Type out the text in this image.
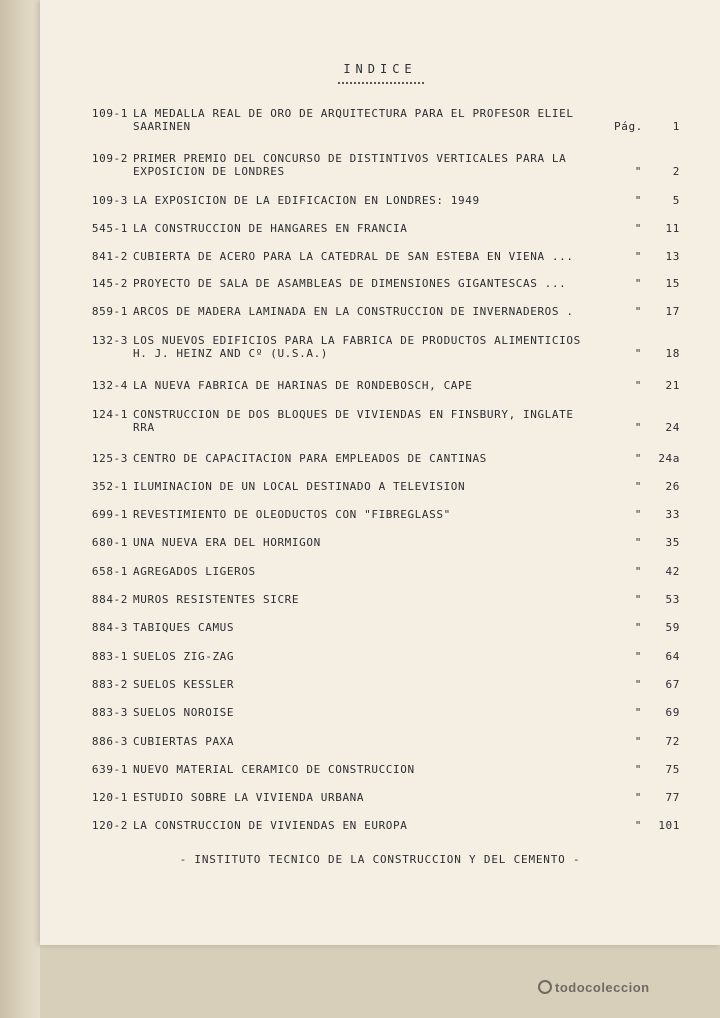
INDICE
109-1 LA MEDALLA REAL DE ORO DE ARQUITECTURA PARA EL PROFESOR ELIEL
SAARINEN	Pág.	1
109-2 PRIMER PREMIO DEL CONCURSO DE DISTINTIVOS VERTICALES PARA LA
EXPOSICION DE LONDRES	"	2
109-3 LA EXPOSICION DE LA EDIFICACION EN LONDRES: 1949	"	5
545-1 LA CONSTRUCCION DE HANGARES EN FRANCIA	" 11
841-2 CUBIERTA DE ACERO PARA LA CATEDRAL DE SAN ESTEBA EN VIENA ...	" 13
145-2 PROYECTO DE SALA DE ASAMBLEAS DE DIMENSIONES GIGANTESCAS ...	" 15
859-1 ARCOS DE MADERA LAMINADA EN LA CONSTRUCCION DE INVERNADEROS .	" 17
132-3 LOS NUEVOS EDIFICIOS PARA LA FABRICA DE PRODUCTOS ALIMENTICIOS
H. J. HEINZ AND Cº (U.S.A.)	" 18
132-4 LA NUEVA FABRICA DE HARINAS DE RONDEBOSCH, CAPE	" 21
124-1 CONSTRUCCION DE DOS BLOQUES DE VIVIENDAS EN FINSBURY, INGLATE
RRA	" 24
125-3 CENTRO DE CAPACITACION PARA EMPLEADOS DE CANTINAS	" 24a
352-1 ILUMINACION DE UN LOCAL DESTINADO A TELEVISION	" 26
699-1 REVESTIMIENTO DE OLEODUCTOS CON "FIBREGLASS"	" 33
680-1 UNA NUEVA ERA DEL HORMIGON	" 35
658-1 AGREGADOS LIGEROS	" 42
884-2 MUROS RESISTENTES SICRE	" 53
884-3 TABIQUES CAMUS	" 59
883-1 SUELOS ZIG-ZAG	" 64
883-2 SUELOS KESSLER	" 67
883-3 SUELOS NOROISE	" 69
886-3 CUBIERTAS PAXA	" 72
639-1 NUEVO MATERIAL CERAMICO DE CONSTRUCCION	" 75
120-1 ESTUDIO SOBRE LA VIVIENDA URBANA	" 77
120-2 LA CONSTRUCCION DE VIVIENDAS EN EUROPA	" 101
- INSTITUTO TECNICO DE LA CONSTRUCCION Y DEL CEMENTO -
todocoleccion
